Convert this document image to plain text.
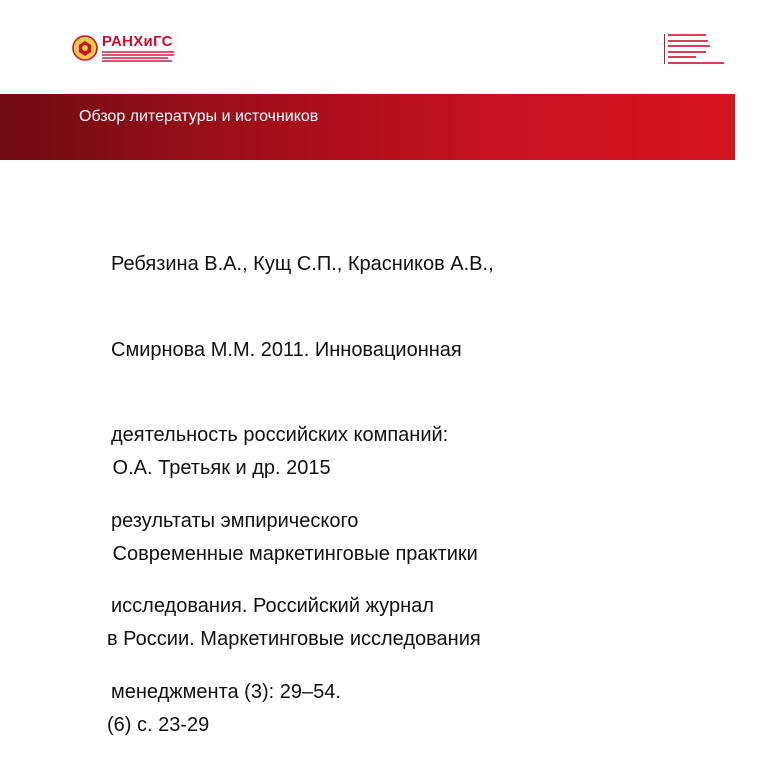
РАНХиГС
Обзор литературы и источников

Ребязина В.А., Кущ С.П., Красников А.В.,

Смирнова М.М. 2011. Инновационная

деятельность российских компаний:

результаты эмпирического

исследования. Российский журнал

менеджмента (3): 29–54.

О.А. Третьяк и др. 2015

Современные маркетинговые практики

в России. Маркетинговые исследования

(6) с. 23-29
